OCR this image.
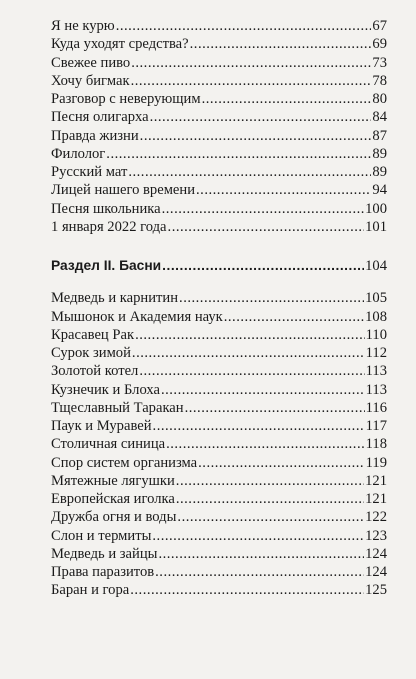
Я не курю .....	67
Куда уходят средства? .....	69
Свежее пиво .....	73
Хочу бигмак .....	78
Разговор с неверующим .....	80
Песня олигарха .....	84
Правда жизни .....	87
Филолог .....	89
Русский мат .....	89
Лицей нашего времени .....	94
Песня школьника .....	100
1 января 2022 года .....	101
Раздел II. Басни .....	104
Медведь и карнитин .....	105
Мышонок и Академия наук .....	108
Красавец Рак .....	110
Сурок зимой .....	112
Золотой котел .....	113
Кузнечик и Блоха .....	113
Тщеславный Таракан .....	116
Паук и Муравей .....	117
Столичная синица .....	118
Спор систем организма .....	119
Мятежные лягушки .....	121
Европейская иголка .....	121
Дружба огня и воды .....	122
Слон и термиты .....	123
Медведь и зайцы .....	124
Права паразитов .....	124
Баран и гора .....	125
